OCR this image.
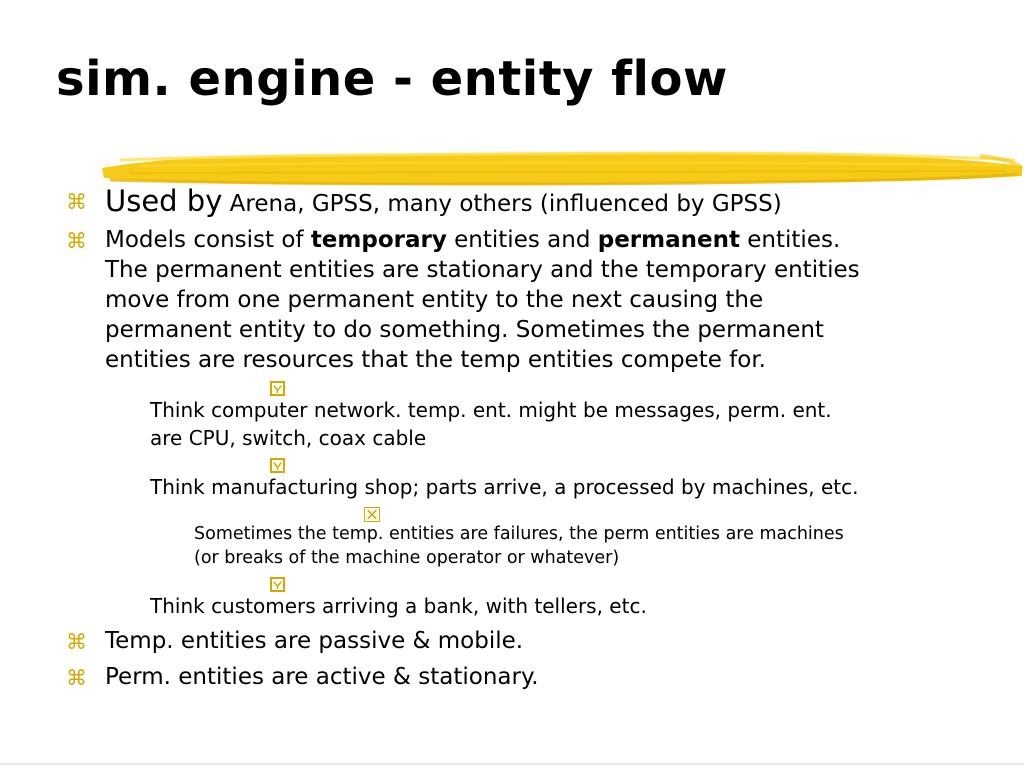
sim. engine - entity flow
⌘ Used by Arena, GPSS, many others (influenced by GPSS)
⌘ Models consist of temporary entities and permanent entities.
The permanent entities are stationary and the temporary entities
move from one permanent entity to the next causing the
permanent entity to do something. Sometimes the permanent
entities are resources that the temp entities compete for.
Think computer network. temp. ent. might be messages, perm. ent.
are CPU, switch, coax cable
Think manufacturing shop; parts arrive, a processed by machines, etc.
Sometimes the temp. entities are failures, the perm entities are machines
(or breaks of the machine operator or whatever)
Think customers arriving a bank, with tellers, etc.
⌘ Temp. entities are passive & mobile.
⌘ Perm. entities are active & stationary.
